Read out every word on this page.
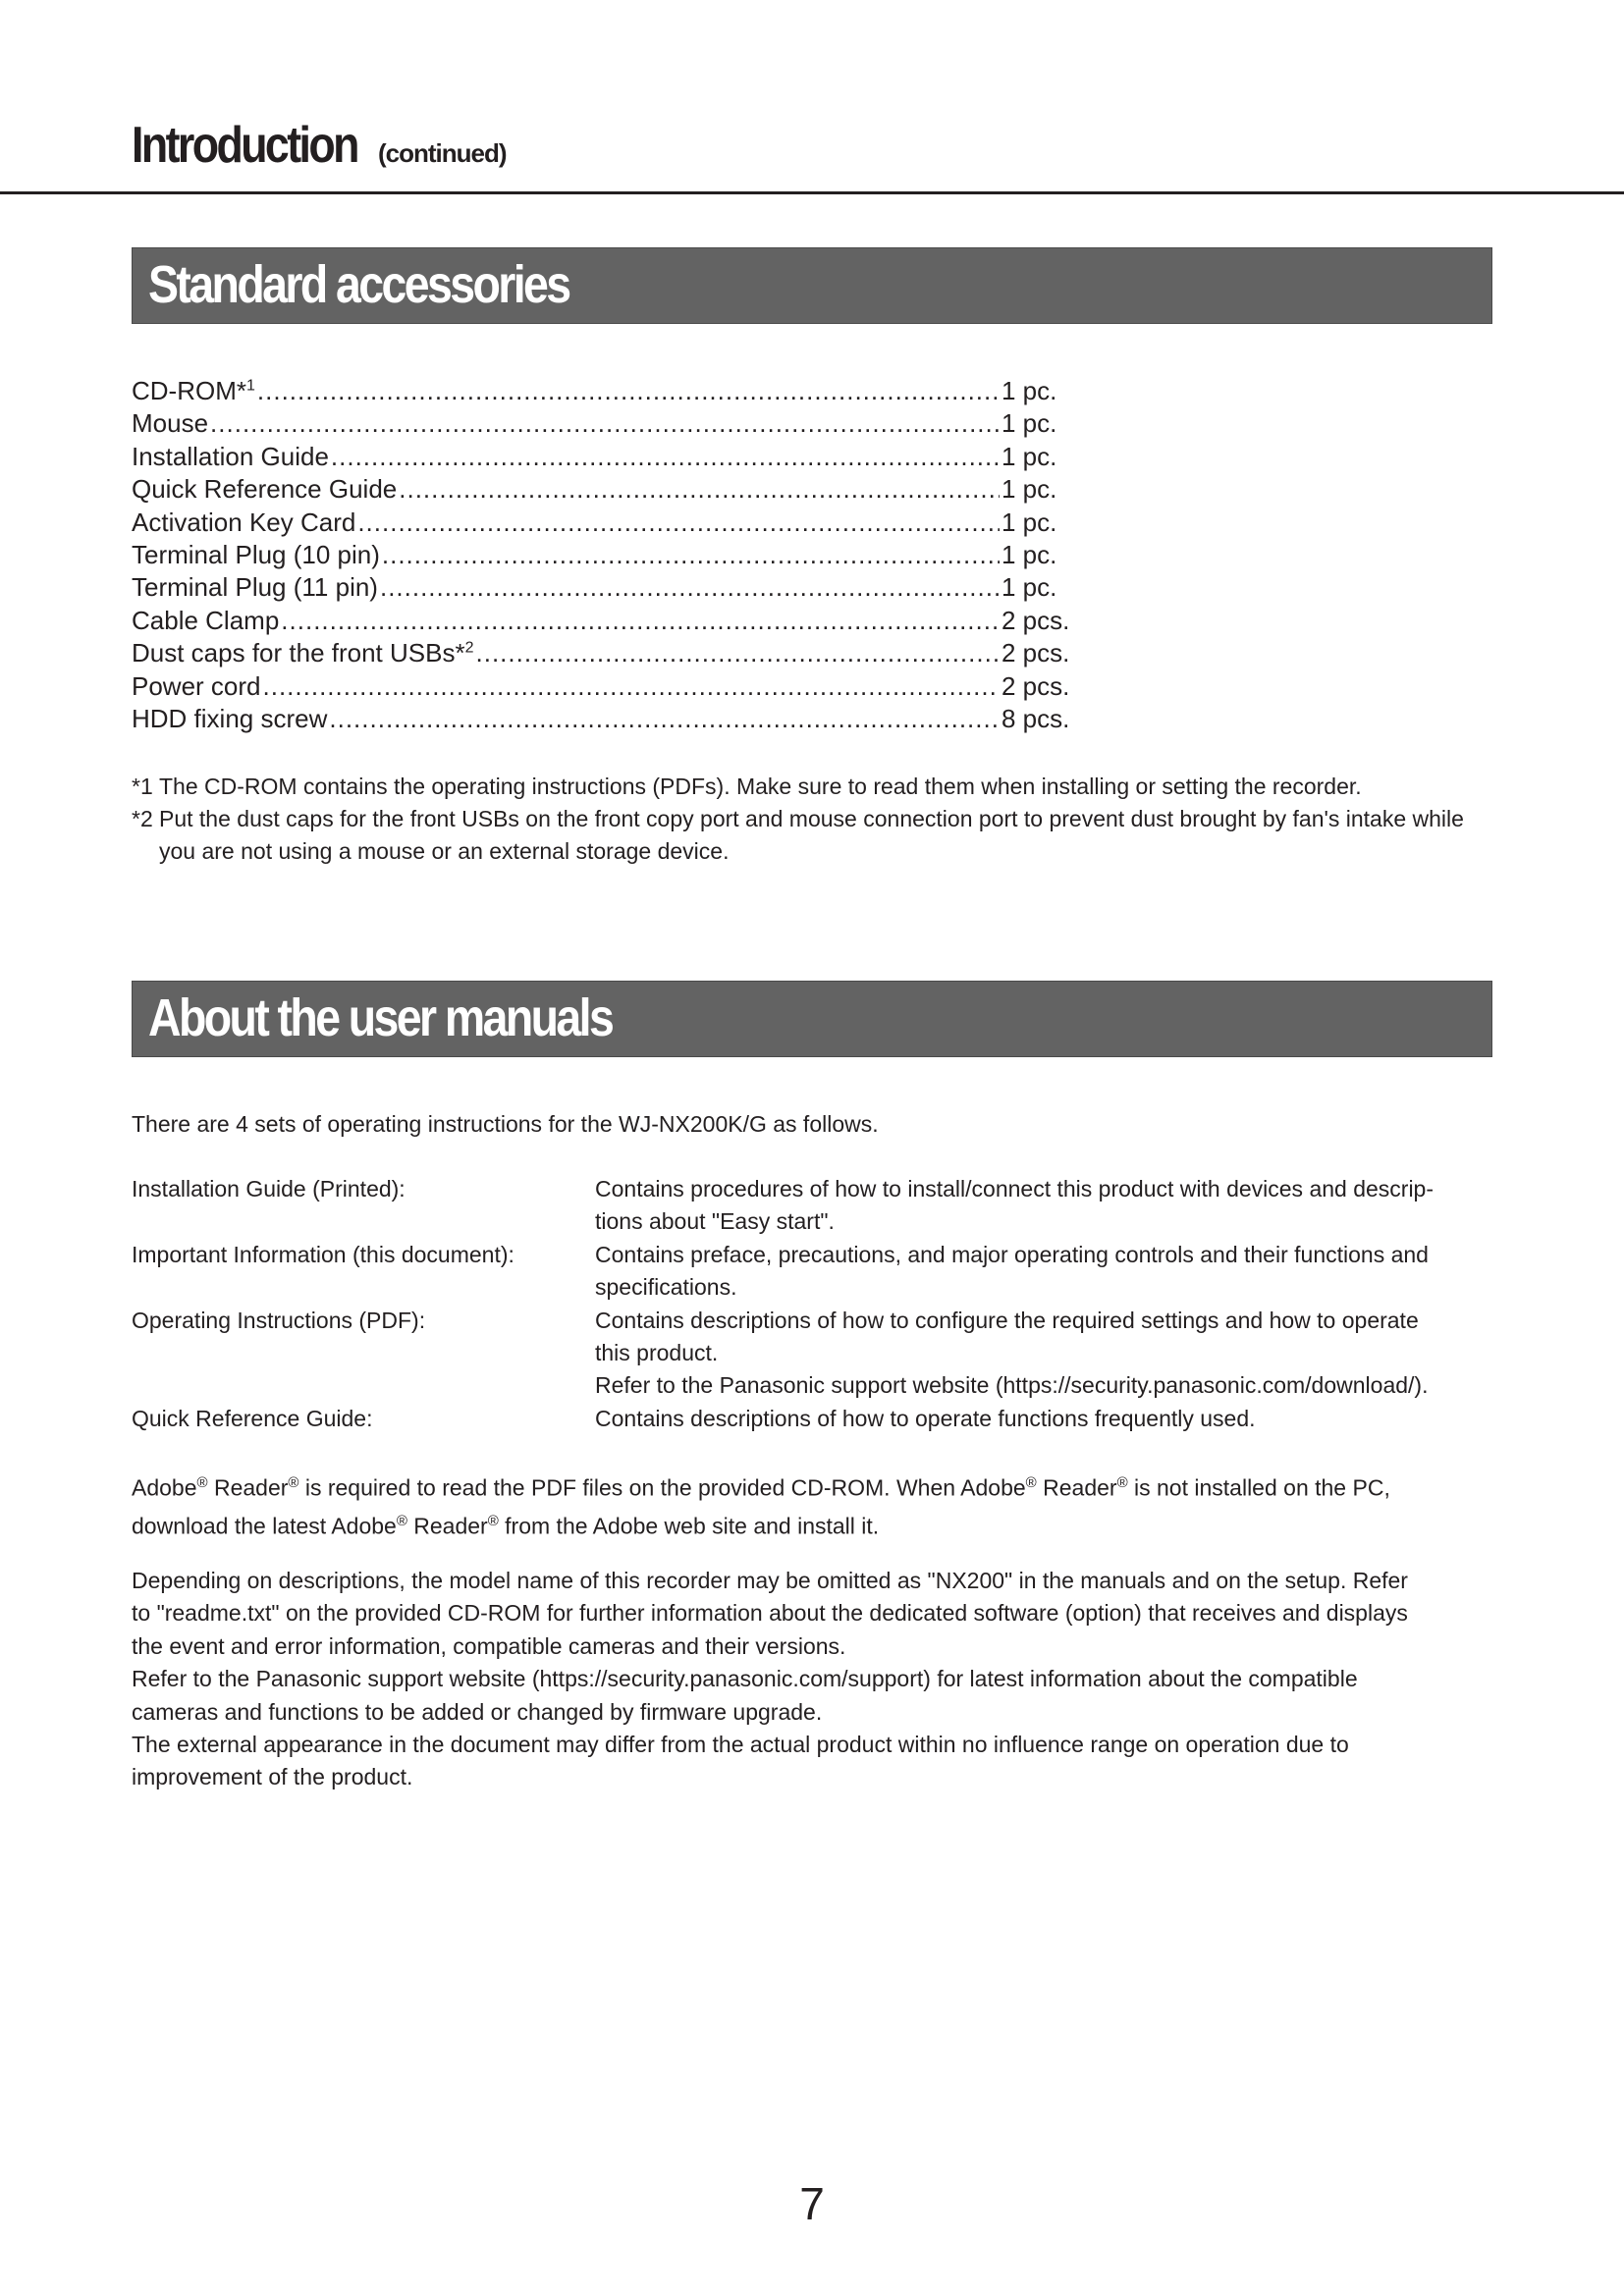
Introduction (continued)
Standard accessories
CD-ROM*$^1$ .....	1 pc.
Mouse .....	1 pc.
Installation Guide .....	1 pc.
Quick Reference Guide .....	1 pc.
Activation Key Card .....	1 pc.
Terminal Plug (10 pin) .....	1 pc.
Terminal Plug (11 pin) .....	1 pc.
Cable Clamp .....	2 pcs.
Dust caps for the front USBs*$^2$ .....	2 pcs.
Power cord .....	2 pcs.
HDD fixing screw .....	8 pcs.
*1 The CD-ROM contains the operating instructions (PDFs). Make sure to read them when installing or setting the recorder.
*2 Put the dust caps for the front USBs on the front copy port and mouse connection port to prevent dust brought by fan's intake while you are not using a mouse or an external storage device.
About the user manuals
There are 4 sets of operating instructions for the WJ-NX200K/G as follows.
Installation Guide (Printed):	Contains procedures of how to install/connect this product with devices and descrip-
tions about "Easy start".
Important Information (this document):	Contains preface, precautions, and major operating controls and their functions and
specifications.
Operating Instructions (PDF):	Contains descriptions of how to configure the required settings and how to operate
this product.
Refer to the Panasonic support website (https://security.panasonic.com/download/).
Quick Reference Guide:	Contains descriptions of how to operate functions frequently used.
Adobe® Reader® is required to read the PDF files on the provided CD-ROM. When Adobe® Reader® is not installed on the PC,
download the latest Adobe® Reader® from the Adobe web site and install it.
Depending on descriptions, the model name of this recorder may be omitted as "NX200" in the manuals and on the setup. Refer
to "readme.txt" on the provided CD-ROM for further information about the dedicated software (option) that receives and displays
the event and error information, compatible cameras and their versions.
Refer to the Panasonic support website (https://security.panasonic.com/support) for latest information about the compatible
cameras and functions to be added or changed by firmware upgrade.
The external appearance in the document may differ from the actual product within no influence range on operation due to
improvement of the product.
7
